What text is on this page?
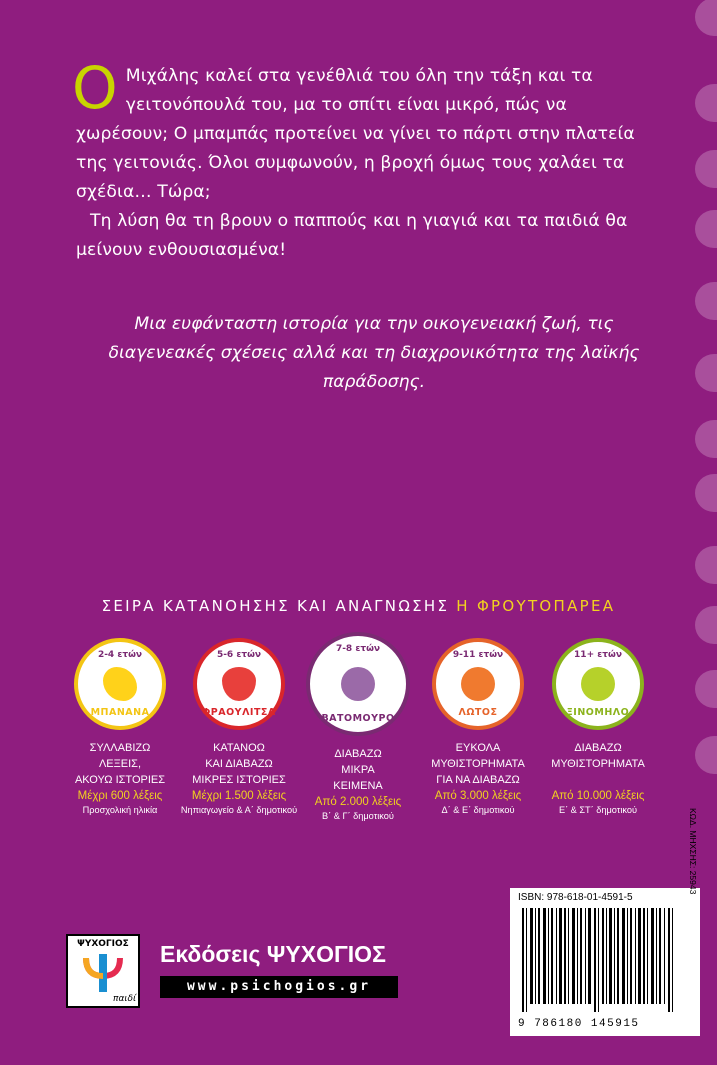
Ο Μιχάλης καλεί στα γενέθλιά του όλη την τάξη και τα γειτονόπουλά του, μα το σπίτι είναι μικρό, πώς να χωρέσουν; Ο μπαμπάς προτείνει να γίνει το πάρτι στην πλατεία της γειτονιάς. Όλοι συμφωνούν, η βροχή όμως τους χαλάει τα σχέδια… Τώρα;

Τη λύση θα τη βρουν ο παππούς και η γιαγιά και τα παιδιά θα μείνουν ενθουσιασμένα!

Μια ευφάνταστη ιστορία για την οικογενειακή ζωή, τις διαγενεακές σχέσεις αλλά και τη διαχρονικότητα της λαϊκής παράδοσης.
ΣΕΙΡΑ ΚΑΤΑΝΟΗΣΗΣ ΚΑΙ ΑΝΑΓΝΩΣΗΣ Η ΦΡΟΥΤΟΠΑΡΕΑ
2-4 ετών
ΜΠΑΝΑΝΑ
ΣΥΛΛΑΒΙΖΩ
ΛΕΞΕΙΣ,
ΑΚΟΥΩ ΙΣΤΟΡΙΕΣ
Μέχρι 600 λέξεις
Προσχολική ηλικία
5-6 ετών
ΦΡΑΟΥΛΙΤΣΑ
ΚΑΤΑΝΟΩ
ΚΑΙ ΔΙΑΒΑΖΩ
ΜΙΚΡΕΣ ΙΣΤΟΡΙΕΣ
Μέχρι 1.500 λέξεις
Νηπιαγωγείο & Α΄ δημοτικού
7-8 ετών
ΒΑΤΟΜΟΥΡΟ
ΔΙΑΒΑΖΩ
ΜΙΚΡΑ
ΚΕΙΜΕΝΑ
Από 2.000 λέξεις
Β΄ & Γ΄ δημοτικού
9-11 ετών
ΛΩΤΟΣ
ΕΥΚΟΛΑ
ΜΥΘΙΣΤΟΡΗΜΑΤΑ
ΓΙΑ ΝΑ ΔΙΑΒΑΖΩ
Από 3.000 λέξεις
Δ΄ & Ε΄ δημοτικού
11+ ετών
ΞΙΝΟΜΗΛΟ
ΔΙΑΒΑΖΩ
ΜΥΘΙΣΤΟΡΗΜΑΤΑ
Από 10.000 λέξεις
Ε΄ & ΣΤ΄ δημοτικού
ISBN: 978-618-01-4591-5
9 786180 145915
ΚΩΔ. ΜΗΧΣΗΣ: 25943
ΨΥΧΟΓΙΟΣ
παιδί
Εκδόσεις ΨΥΧΟΓΙΟΣ
www.psichogios.gr
